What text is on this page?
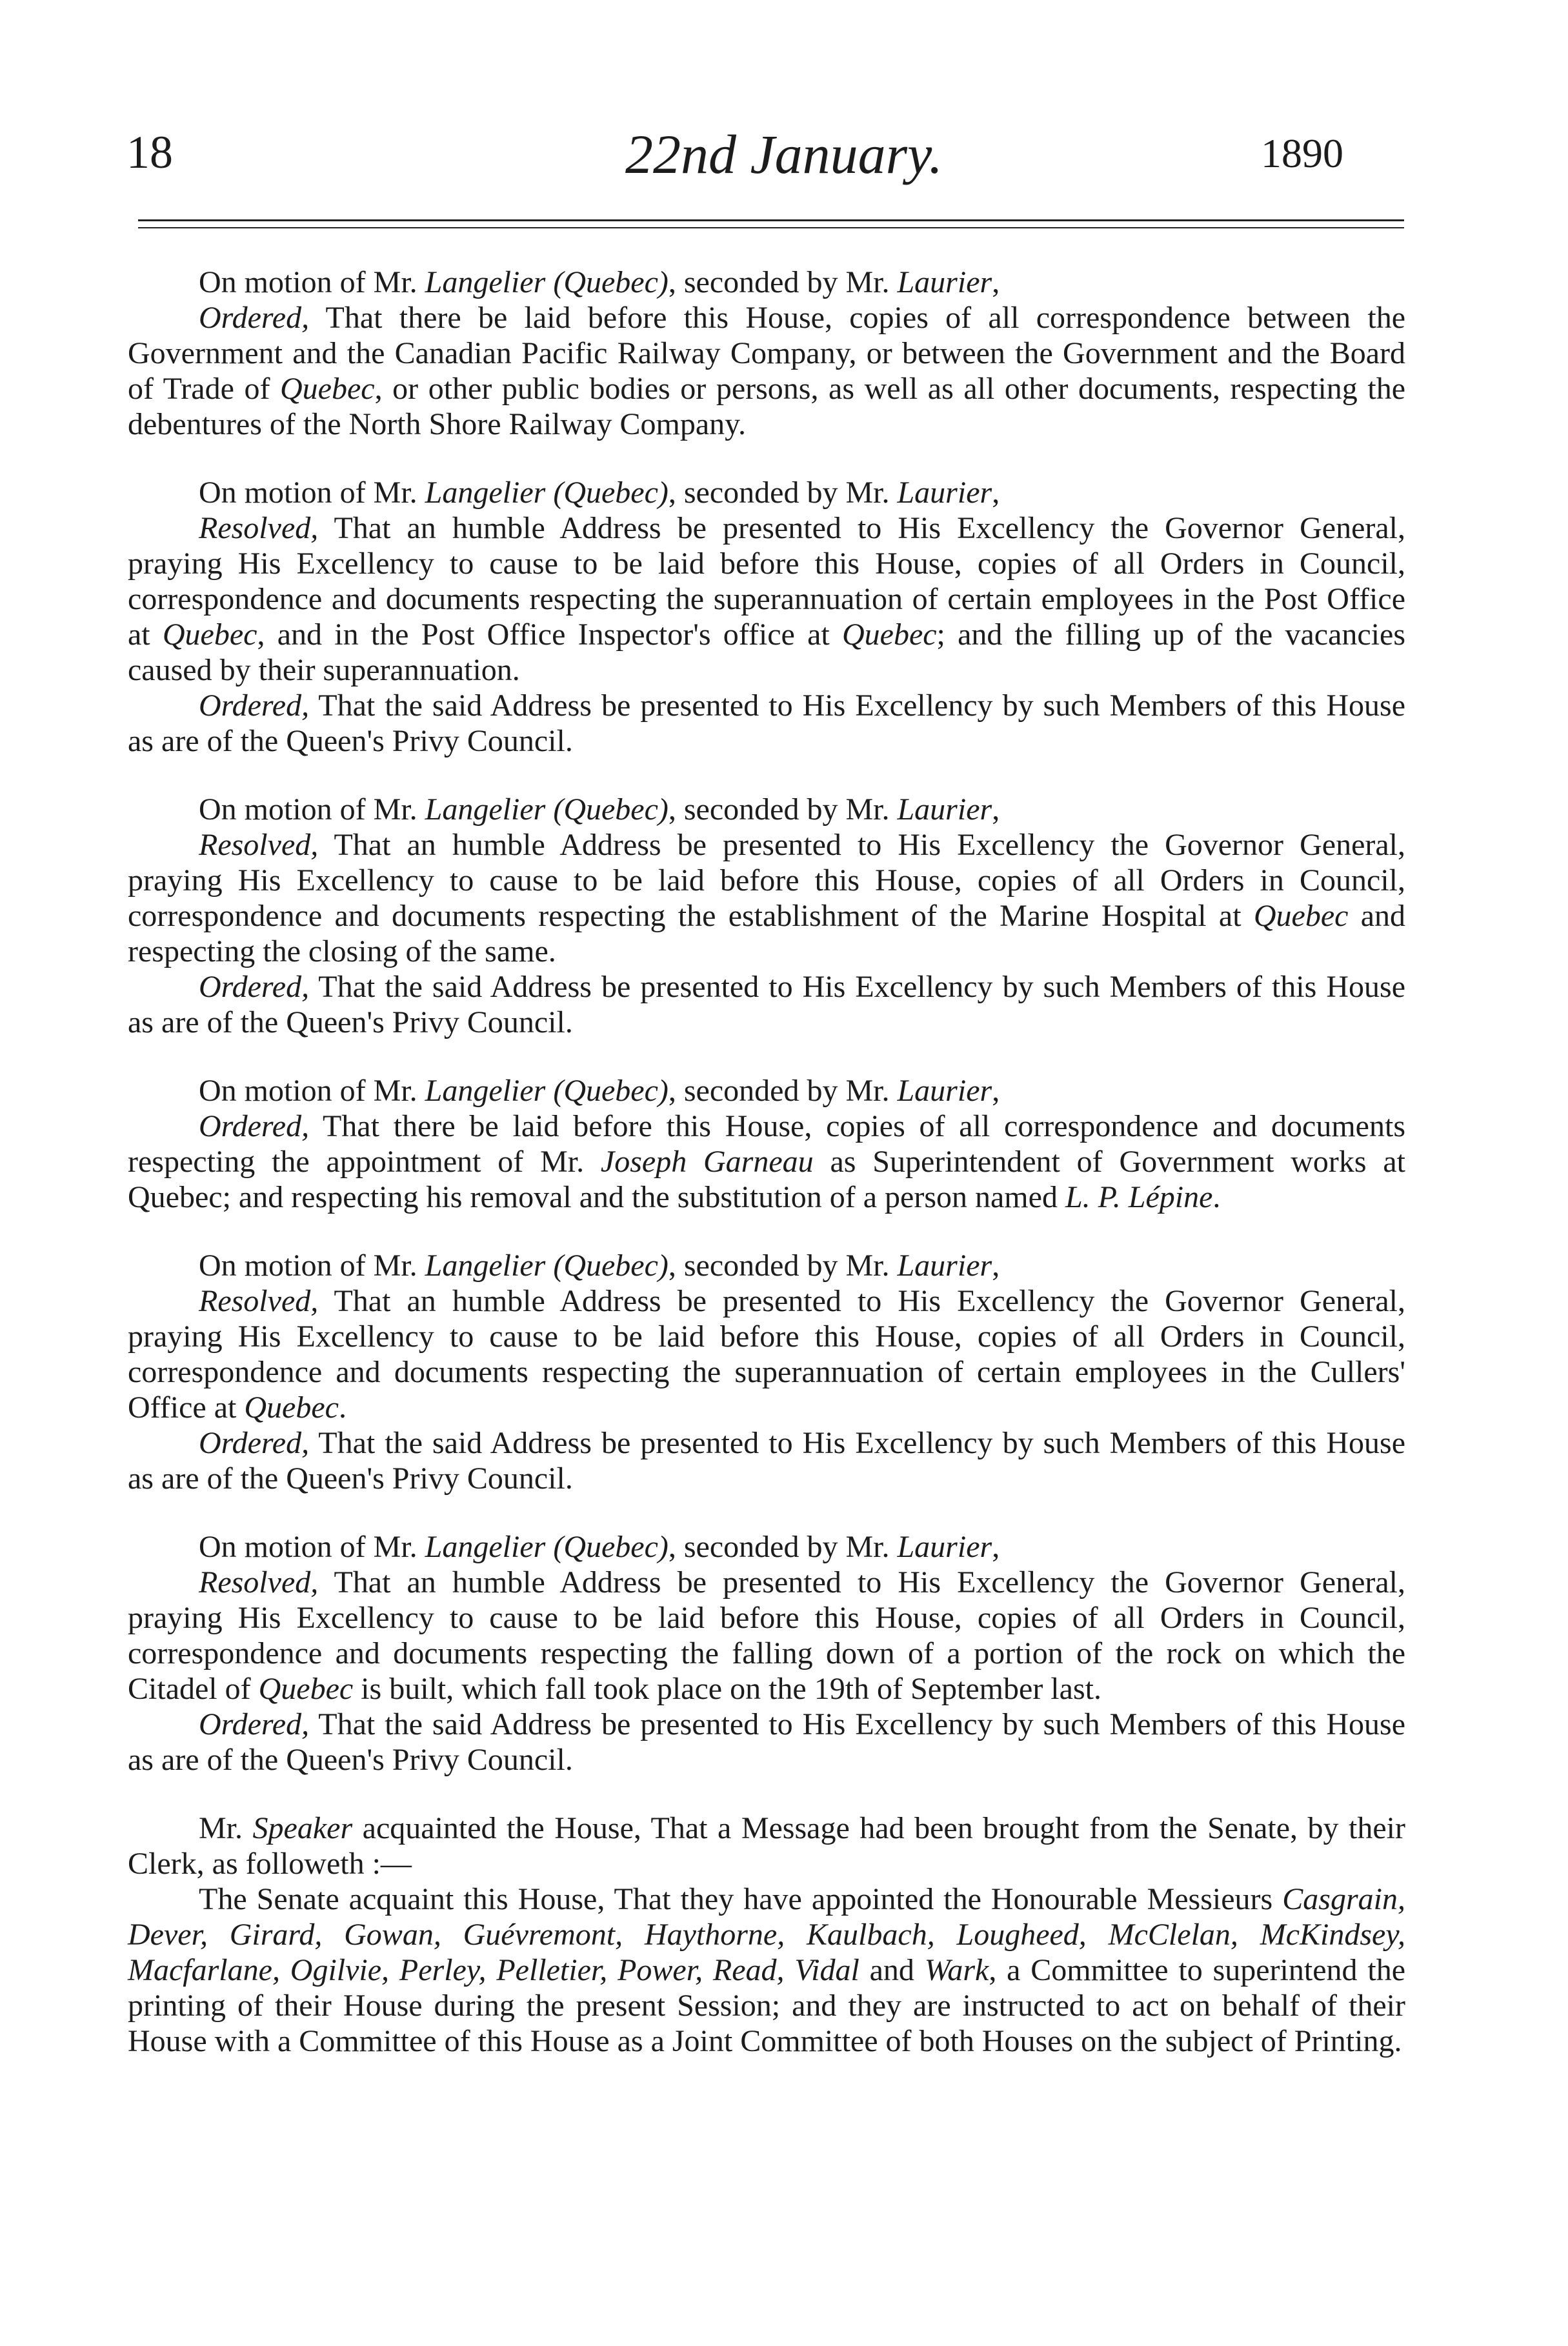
18	22nd January.	1890

On motion of Mr. Langelier (Quebec), seconded by Mr. Laurier,

Ordered, That there be laid before this House, copies of all correspondence between the Government and the Canadian Pacific Railway Company, or between the Government and the Board of Trade of Quebec, or other public bodies or persons, as well as all other documents, respecting the debentures of the North Shore Railway Company.

On motion of Mr. Langelier (Quebec), seconded by Mr. Laurier,

Resolved, That an humble Address be presented to His Excellency the Governor General, praying His Excellency to cause to be laid before this House, copies of all Orders in Council, correspondence and documents respecting the superannuation of certain employees in the Post Office at Quebec, and in the Post Office Inspector's office at Quebec; and the filling up of the vacancies caused by their superannuation.

Ordered, That the said Address be presented to His Excellency by such Members of this House as are of the Queen's Privy Council.

On motion of Mr. Langelier (Quebec), seconded by Mr. Laurier,

Resolved, That an humble Address be presented to His Excellency the Governor General, praying His Excellency to cause to be laid before this House, copies of all Orders in Council, correspondence and documents respecting the establishment of the Marine Hospital at Quebec and respecting the closing of the same.

Ordered, That the said Address be presented to His Excellency by such Members of this House as are of the Queen's Privy Council.

On motion of Mr. Langelier (Quebec), seconded by Mr. Laurier,

Ordered, That there be laid before this House, copies of all correspondence and documents respecting the appointment of Mr. Joseph Garneau as Superintendent of Government works at Quebec; and respecting his removal and the substitution of a person named L. P. Lépine.

On motion of Mr. Langelier (Quebec), seconded by Mr. Laurier,

Resolved, That an humble Address be presented to His Excellency the Governor General, praying His Excellency to cause to be laid before this House, copies of all Orders in Council, correspondence and documents respecting the superannuation of certain employees in the Cullers' Office at Quebec.

Ordered, That the said Address be presented to His Excellency by such Members of this House as are of the Queen's Privy Council.

On motion of Mr. Langelier (Quebec), seconded by Mr. Laurier,

Resolved, That an humble Address be presented to His Excellency the Governor General, praying His Excellency to cause to be laid before this House, copies of all Orders in Council, correspondence and documents respecting the falling down of a portion of the rock on which the Citadel of Quebec is built, which fall took place on the 19th of September last.

Ordered, That the said Address be presented to His Excellency by such Members of this House as are of the Queen's Privy Council.

Mr. Speaker acquainted the House, That a Message had been brought from the Senate, by their Clerk, as followeth :—

The Senate acquaint this House, That they have appointed the Honourable Messieurs Casgrain, Dever, Girard, Gowan, Guévremont, Haythorne, Kaulbach, Lougheed, McClelan, McKindsey, Macfarlane, Ogilvie, Perley, Pelletier, Power, Read, Vidal and Wark, a Committee to superintend the printing of their House during the present Session; and they are instructed to act on behalf of their House with a Committee of this House as a Joint Committee of both Houses on the subject of Printing.
